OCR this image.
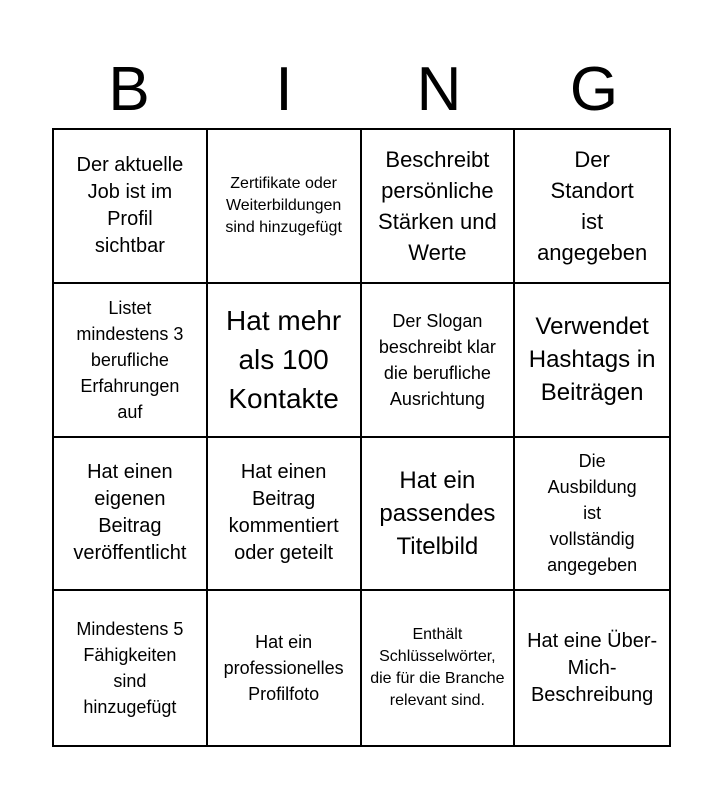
B	I	N	G
Der aktuelle Job ist im Profil sichtbar
Zertifikate oder Weiterbildungen sind hinzugefügt
Beschreibt persönliche Stärken und Werte
Der Standort ist angegeben
Listet mindestens 3 berufliche Erfahrungen auf
Hat mehr als 100 Kontakte
Der Slogan beschreibt klar die berufliche Ausrichtung
Verwendet Hashtags in Beiträgen
Hat einen eigenen Beitrag veröffentlicht
Hat einen Beitrag kommentiert oder geteilt
Hat ein passendes Titelbild
Die Ausbildung ist vollständig angegeben
Mindestens 5 Fähigkeiten sind hinzugefügt
Hat ein professionelles Profilfoto
Enthält Schlüsselwörter, die für die Branche relevant sind.
Hat eine Über-Mich-Beschreibung
